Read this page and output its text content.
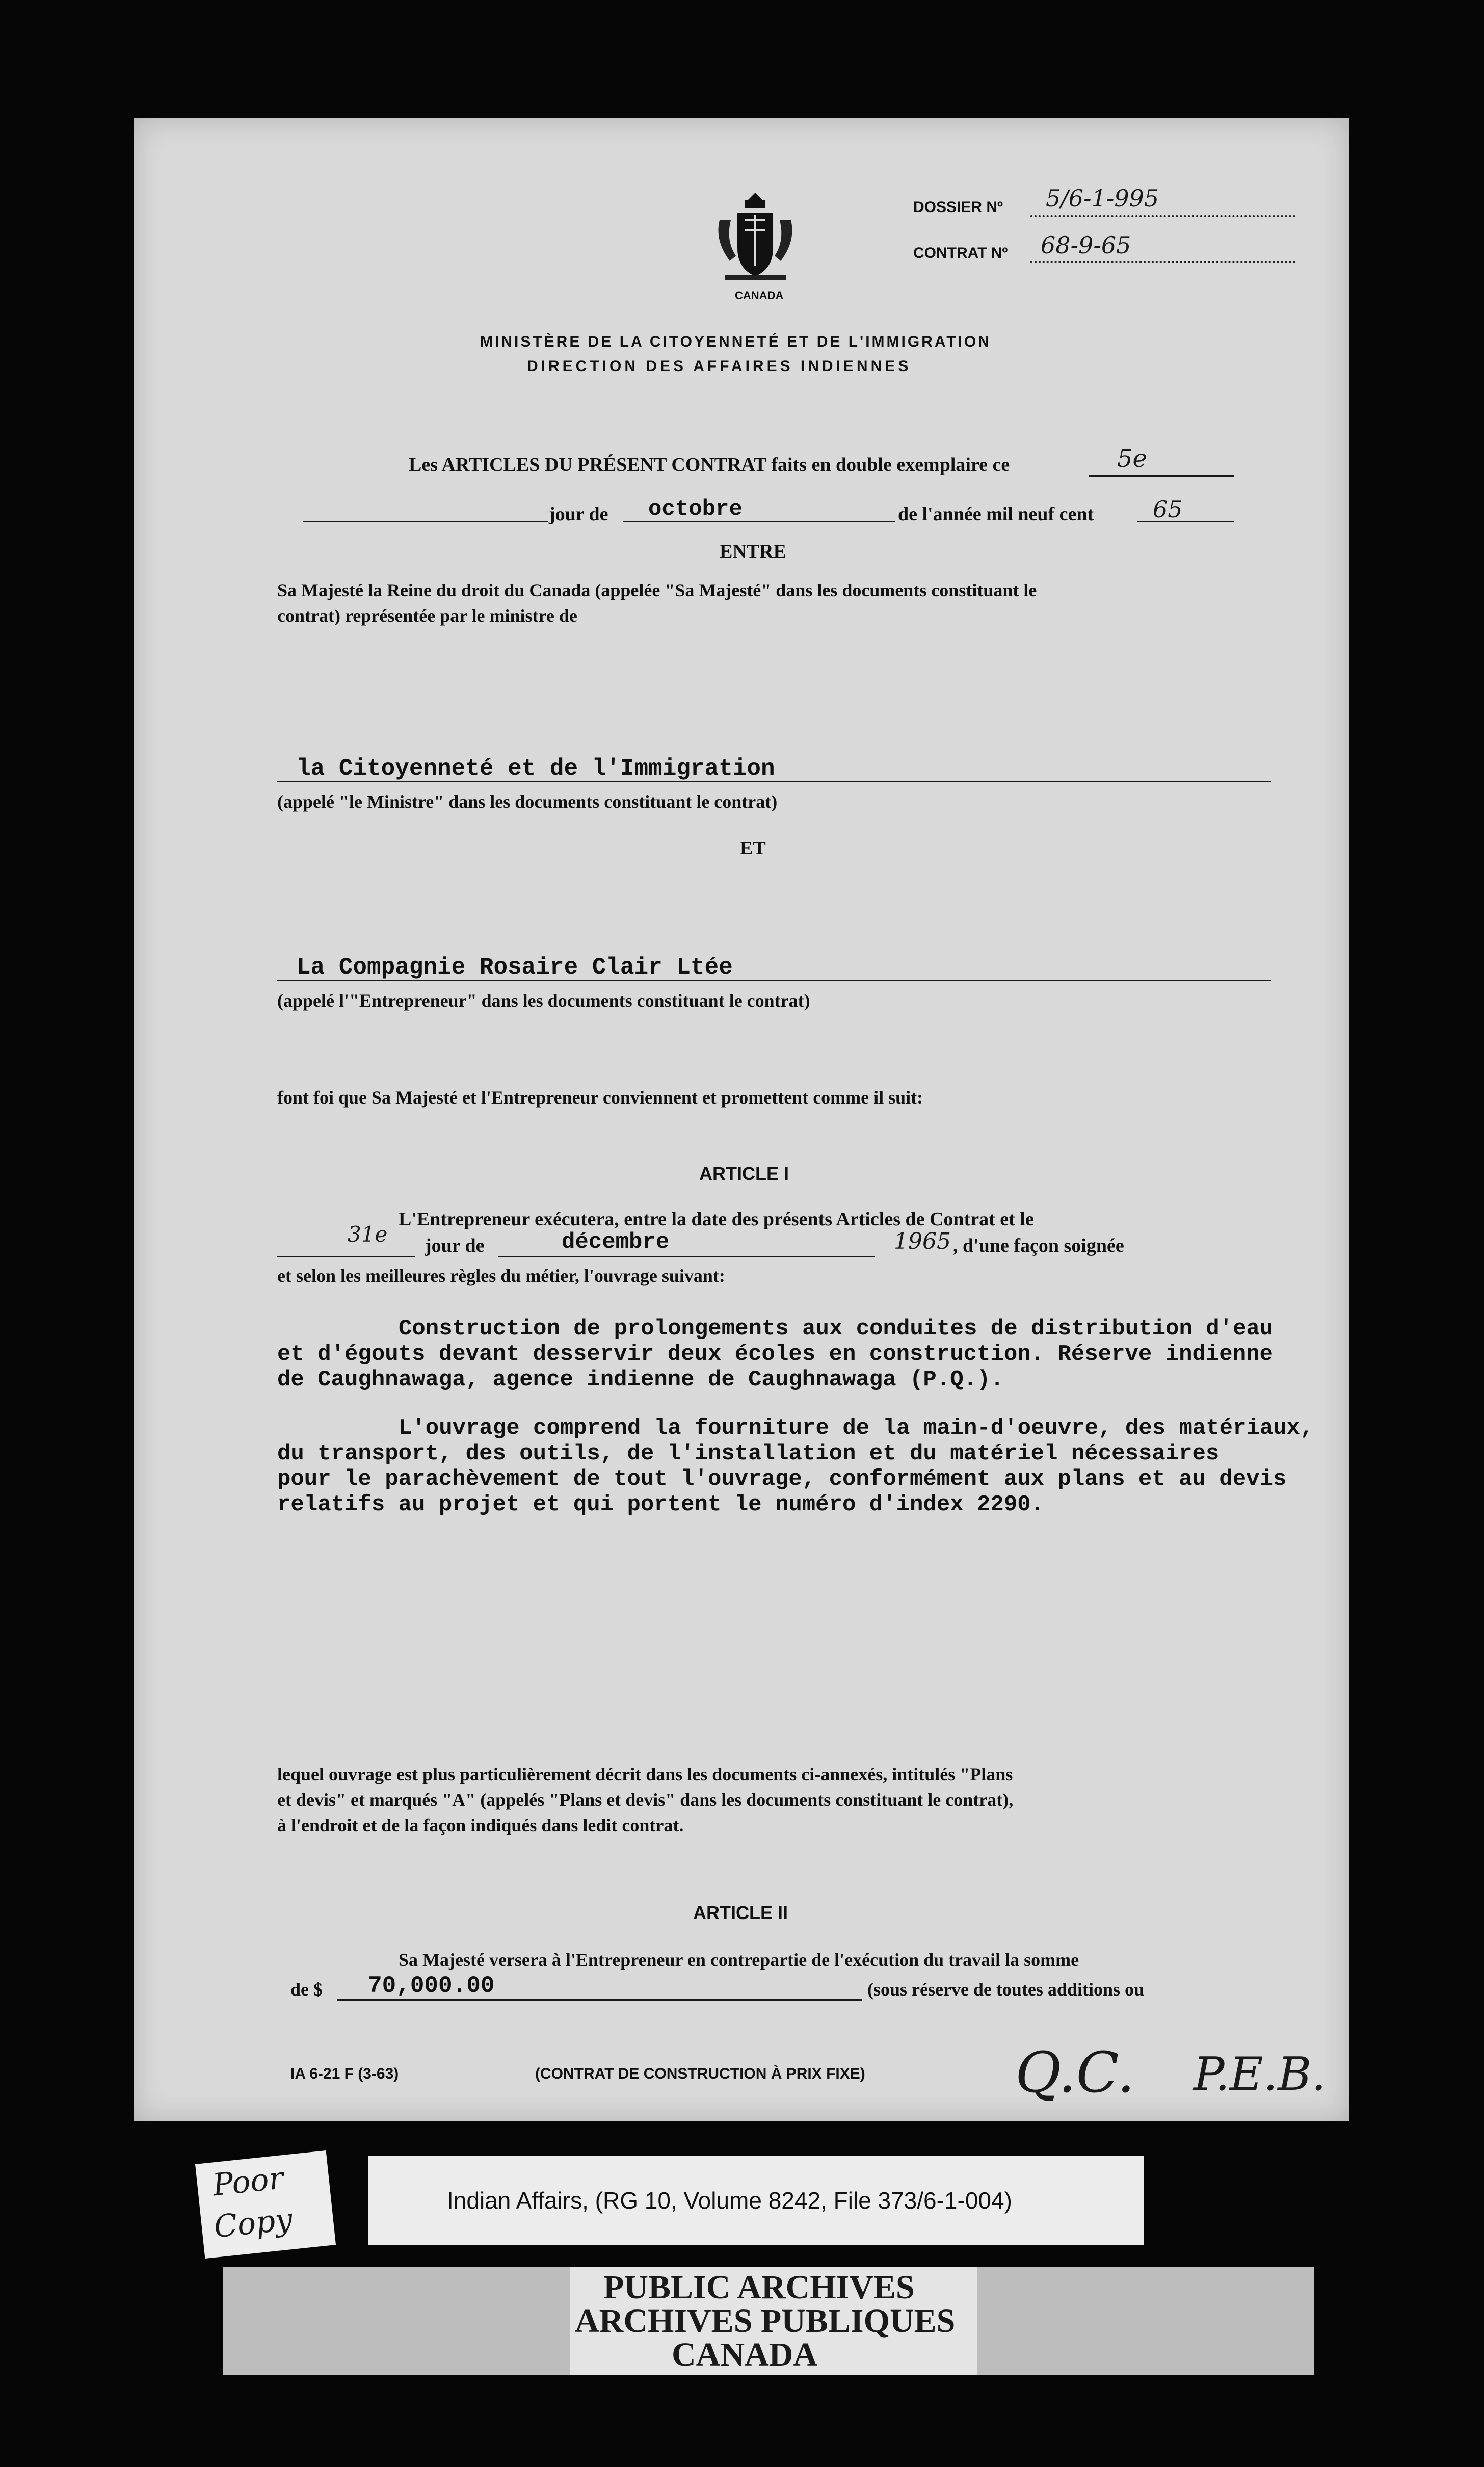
CANADA
DOSSIER Nº 5/6-1-995
CONTRAT Nº 68-9-65
MINISTÈRE DE LA CITOYENNETÉ ET DE L'IMMIGRATION
DIRECTION DES AFFAIRES INDIENNES
Les ARTICLES DU PRÉSENT CONTRAT faits en double exemplaire ce	5e
jour de octobre	de l'année mil neuf cent	65
ENTRE
Sa Majesté la Reine du droit du Canada (appelée "Sa Majesté" dans les documents constituant le
contrat) représentée par le ministre de
la Citoyenneté et de l'Immigration
(appelé "le Ministre" dans les documents constituant le contrat)
ET
La Compagnie Rosaire Clair Ltée
(appelé l'"Entrepreneur" dans les documents constituant le contrat)
font foi que Sa Majesté et l'Entrepreneur conviennent et promettent comme il suit:
ARTICLE I
L'Entrepreneur exécutera, entre la date des présents Articles de Contrat et le
31e jour de	décembre	1965 , d'une façon soignée
et selon les meilleures règles du métier, l'ouvrage suivant:
Construction de prolongements aux conduites de distribution d'eau
et d'égouts devant desservir deux écoles en construction. Réserve indienne
de Caughnawaga, agence indienne de Caughnawaga (P.Q.).
L'ouvrage comprend la fourniture de la main-d'oeuvre, des matériaux,
du transport, des outils, de l'installation et du matériel nécessaires
pour le parachèvement de tout l'ouvrage, conformément aux plans et au devis
relatifs au projet et qui portent le numéro d'index 2290.
lequel ouvrage est plus particulièrement décrit dans les documents ci-annexés, intitulés "Plans
et devis" et marqués "A" (appelés "Plans et devis" dans les documents constituant le contrat),
à l'endroit et de la façon indiqués dans ledit contrat.
ARTICLE II
Sa Majesté versera à l'Entrepreneur en contrepartie de l'exécution du travail la somme
de $ 70,000.00	(sous réserve de toutes additions ou
IA 6-21 F (3-63)	(CONTRAT DE CONSTRUCTION À PRIX FIXE)	Q.C. P.E.B.
Poor
Copy
Indian Affairs, (RG 10, Volume 8242, File 373/6-1-004)
PUBLIC ARCHIVES
ARCHIVES PUBLIQUES
CANADA
